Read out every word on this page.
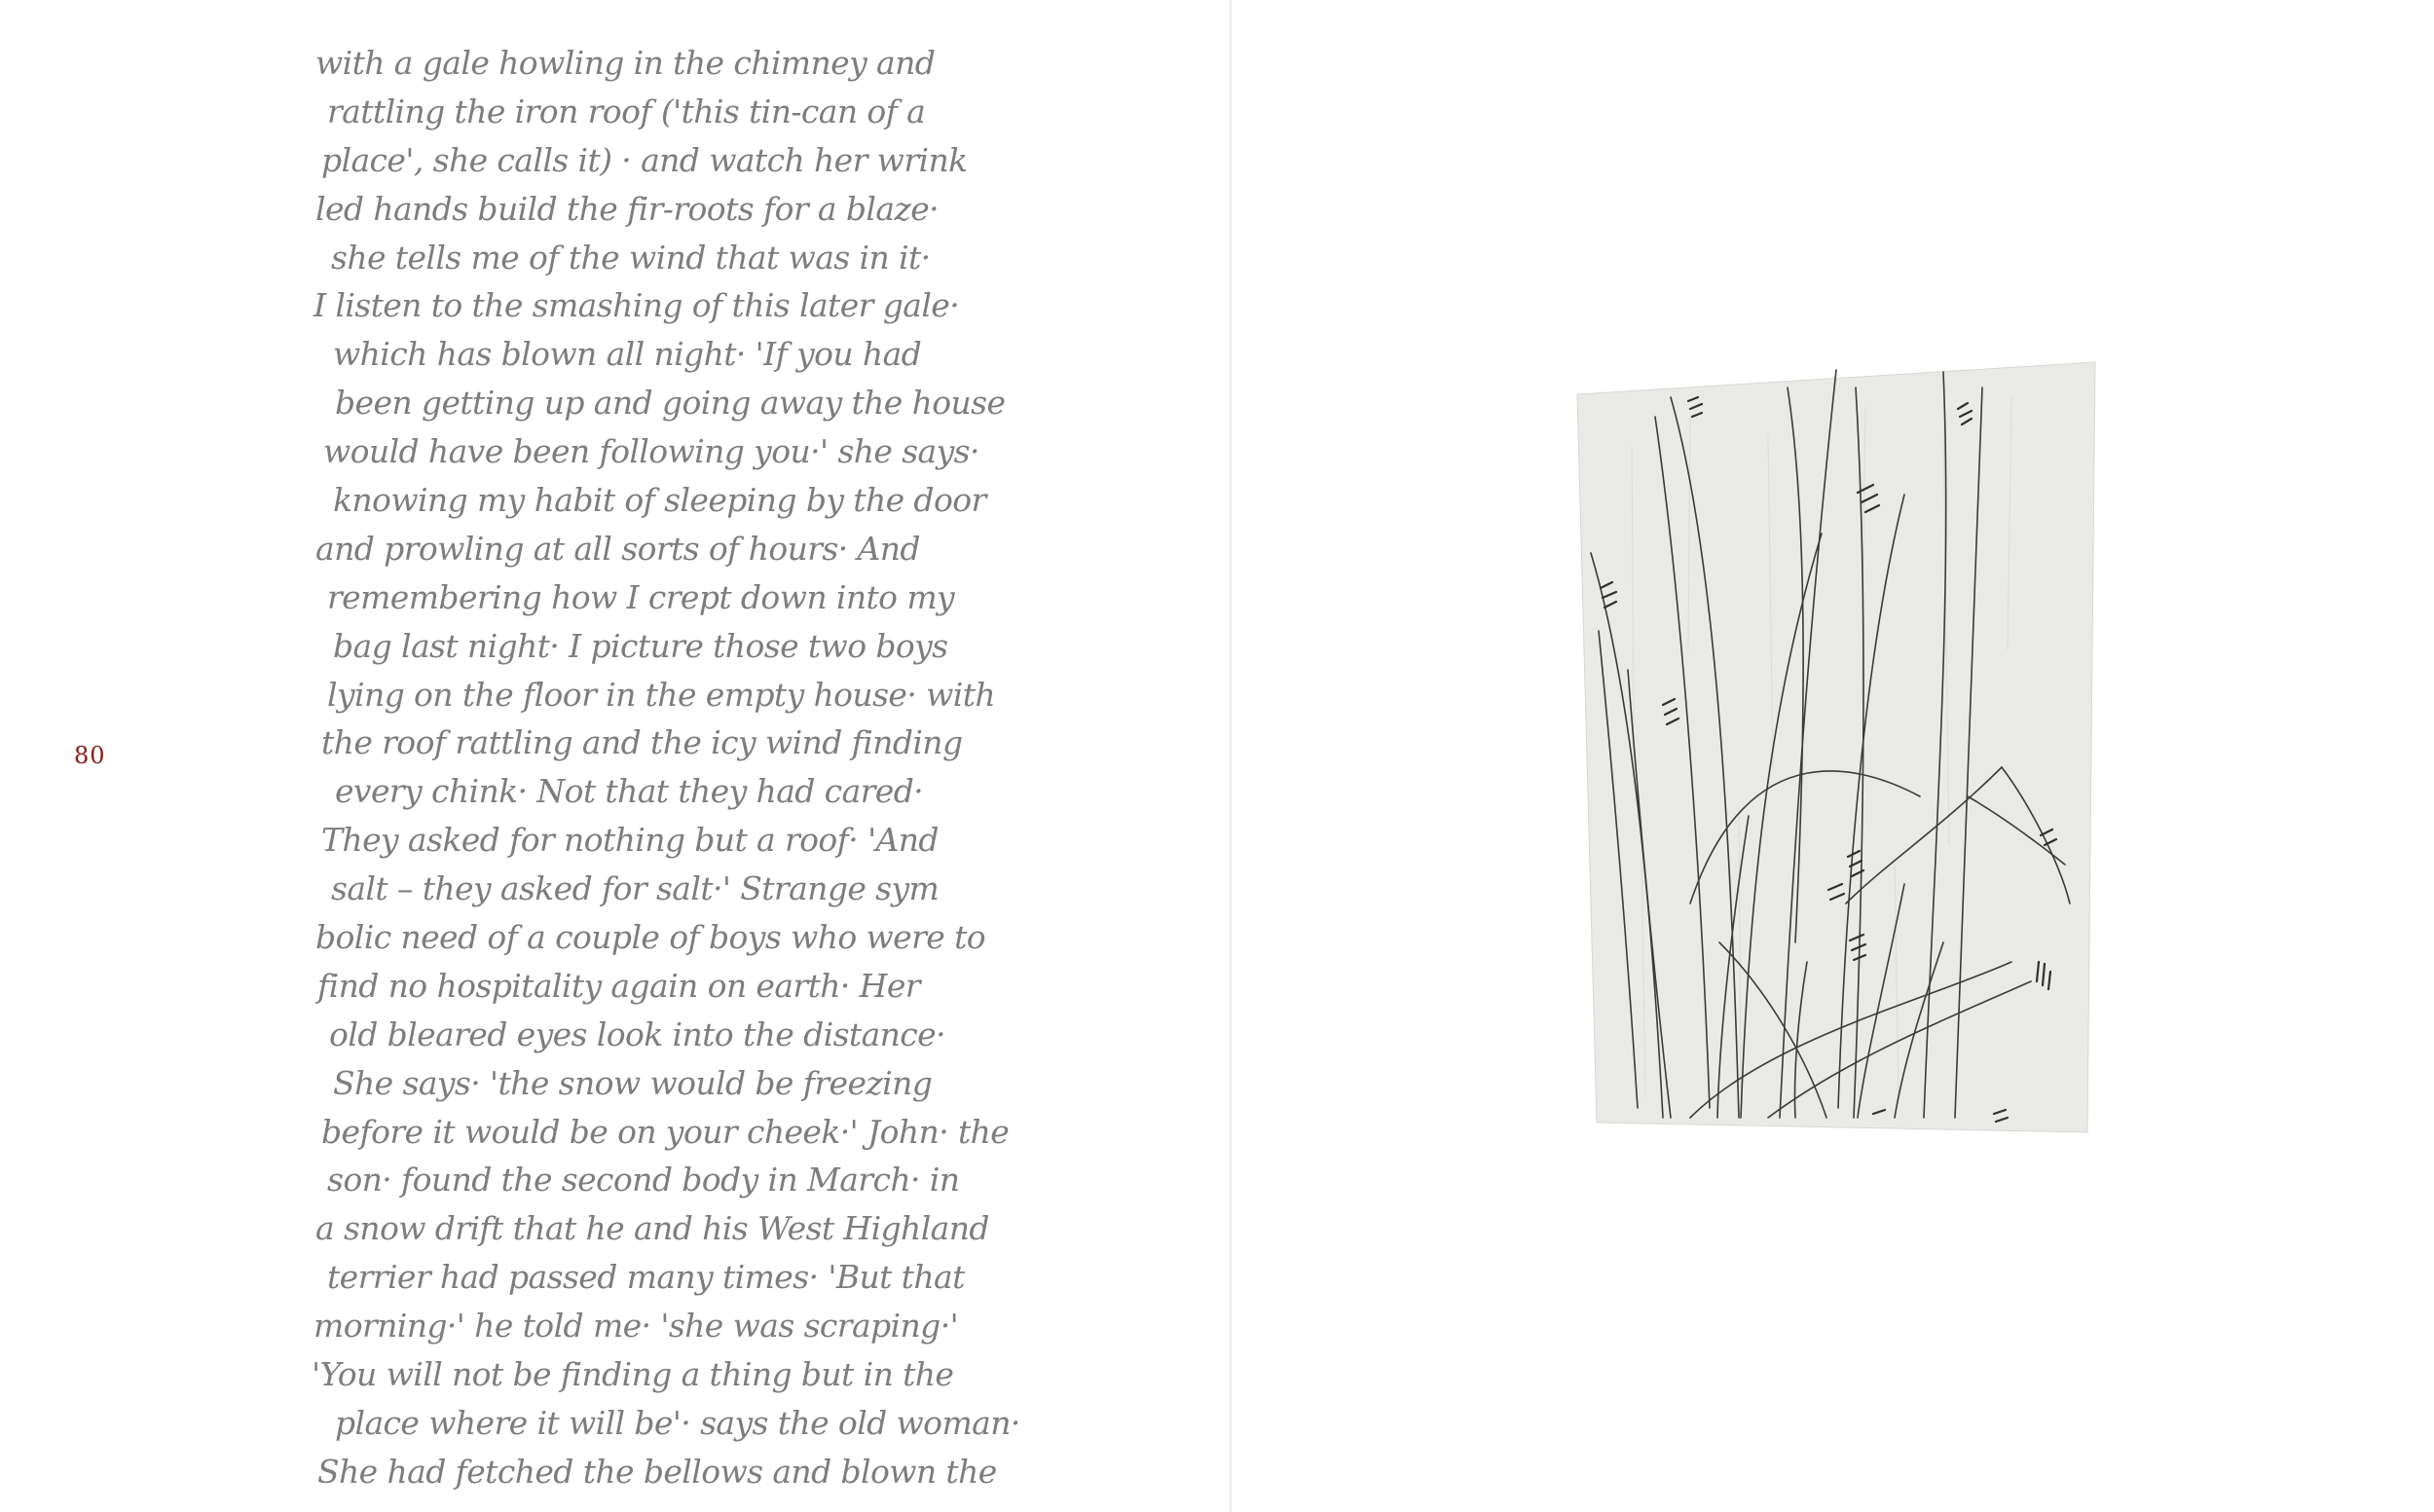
80
with a gale howling in the chimney and
rattling the iron roof ('this tin-can of a
place', she calls it) · and watch her wrink
led hands build the fir-roots for a blaze·
she tells me of the wind that was in it·
I listen to the smashing of this later gale·
which has blown all night· 'If you had
been getting up and going away the house
would have been following you·' she says·
knowing my habit of sleeping by the door
and prowling at all sorts of hours· And
remembering how I crept down into my
bag last night· I picture those two boys
lying on the floor in the empty house· with
the roof rattling and the icy wind finding
every chink· Not that they had cared·
They asked for nothing but a roof· 'And
salt – they asked for salt·' Strange sym
bolic need of a couple of boys who were to
find no hospitality again on earth· Her
old bleared eyes look into the distance·
She says· 'the snow would be freezing
before it would be on your cheek·' John· the
son· found the second body in March· in
a snow drift that he and his West Highland
terrier had passed many times· 'But that
morning·' he told me· 'she was scraping·'
'You will not be finding a thing but in the
place where it will be'· says the old woman·
She had fetched the bellows and blown the
